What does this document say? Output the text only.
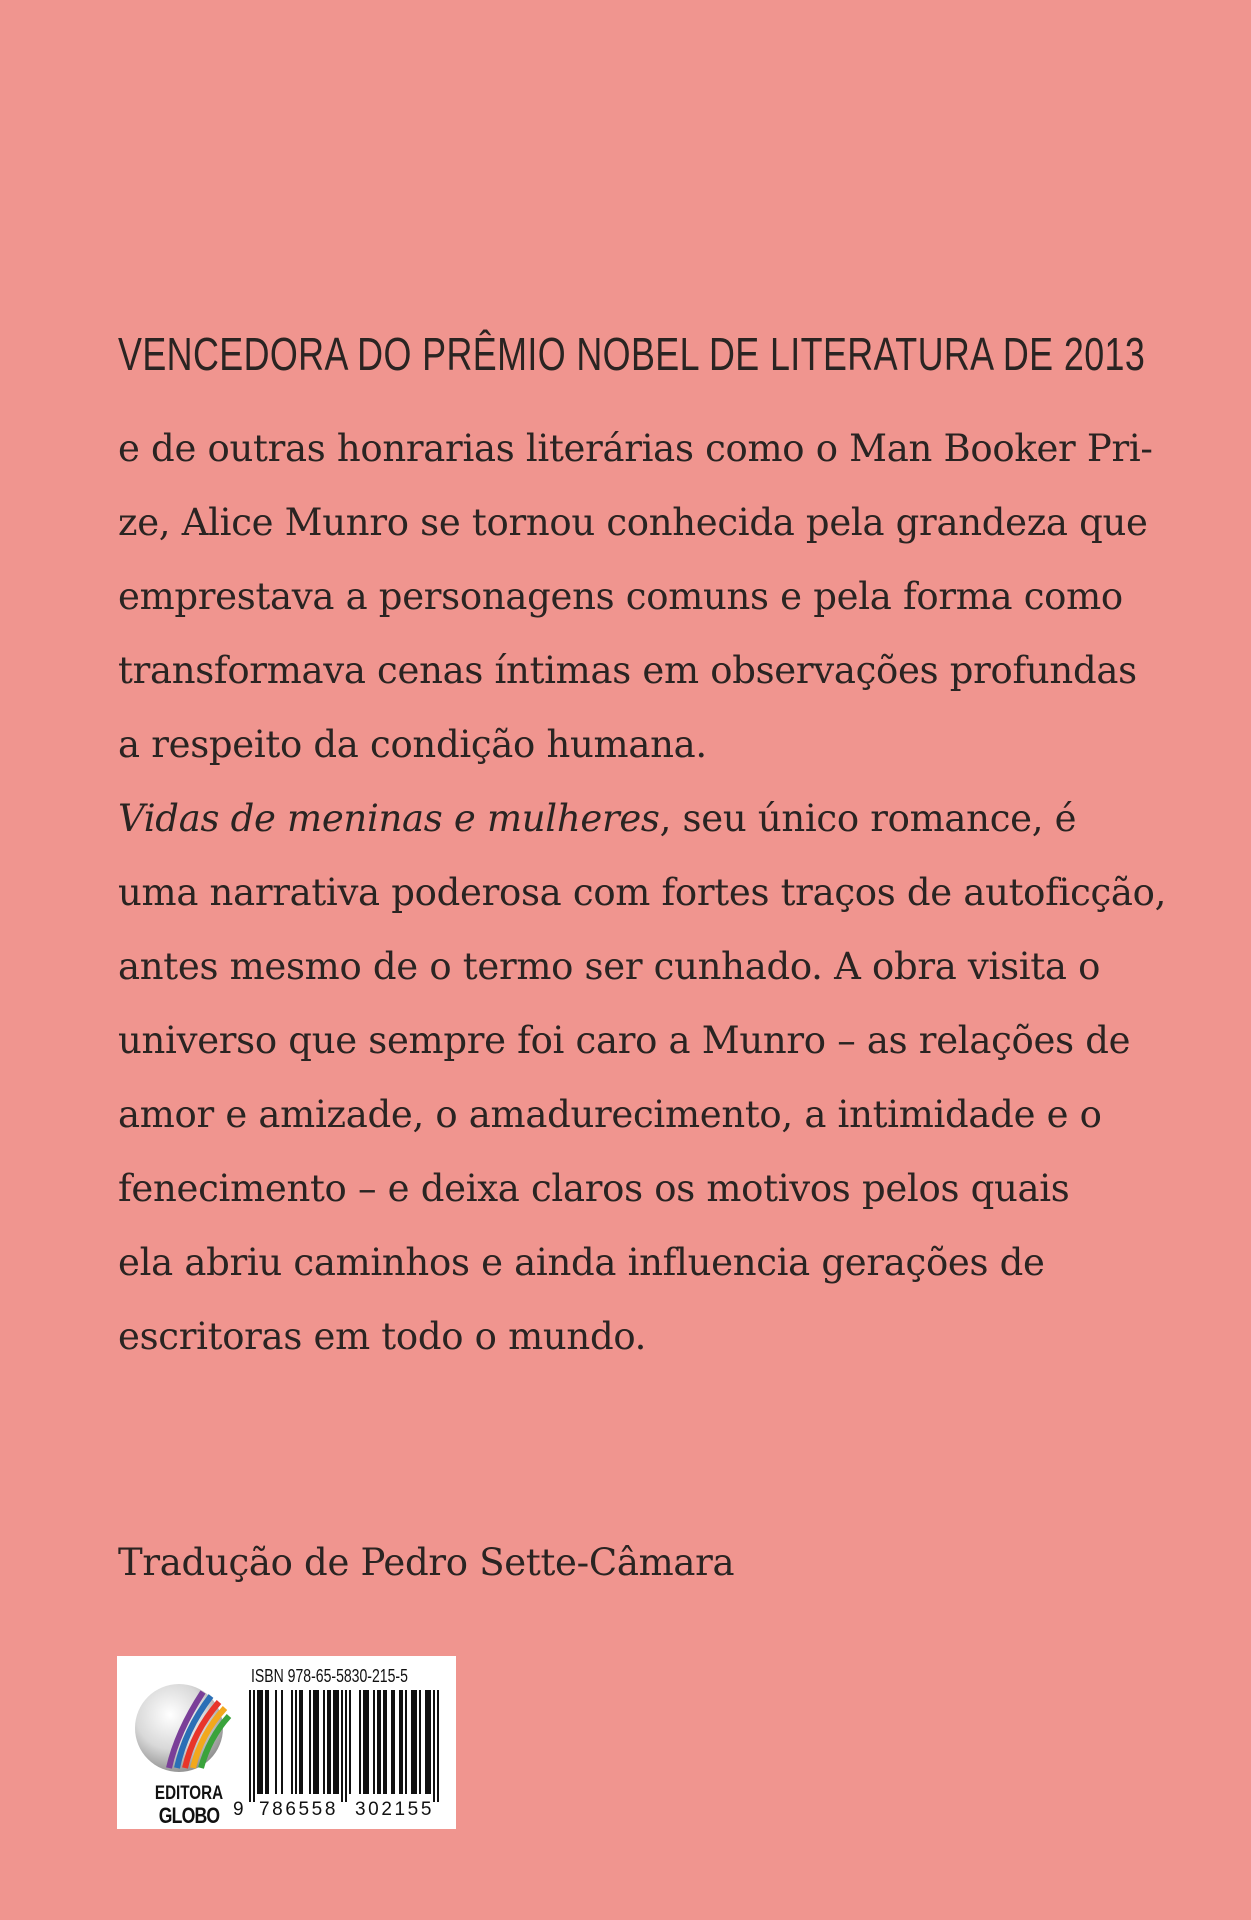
VENCEDORA DO PRÊMIO NOBEL DE LITERATURA DE 2013
e de outras honrarias literárias como o Man Booker Pri-
ze, Alice Munro se tornou conhecida pela grandeza que
emprestava a personagens comuns e pela forma como
transformava cenas íntimas em observações profundas
a respeito da condição humana.
Vidas de meninas e mulheres, seu único romance, é
uma narrativa poderosa com fortes traços de autoficção,
antes mesmo de o termo ser cunhado. A obra visita o
universo que sempre foi caro a Munro – as relações de
amor e amizade, o amadurecimento, a intimidade e o
fenecimento – e deixa claros os motivos pelos quais
ela abriu caminhos e ainda influencia gerações de
escritoras em todo o mundo.
Tradução de Pedro Sette-Câmara
EDITORA
GLOBO
ISBN 978-65-5830-215-5
9 786558 302155
